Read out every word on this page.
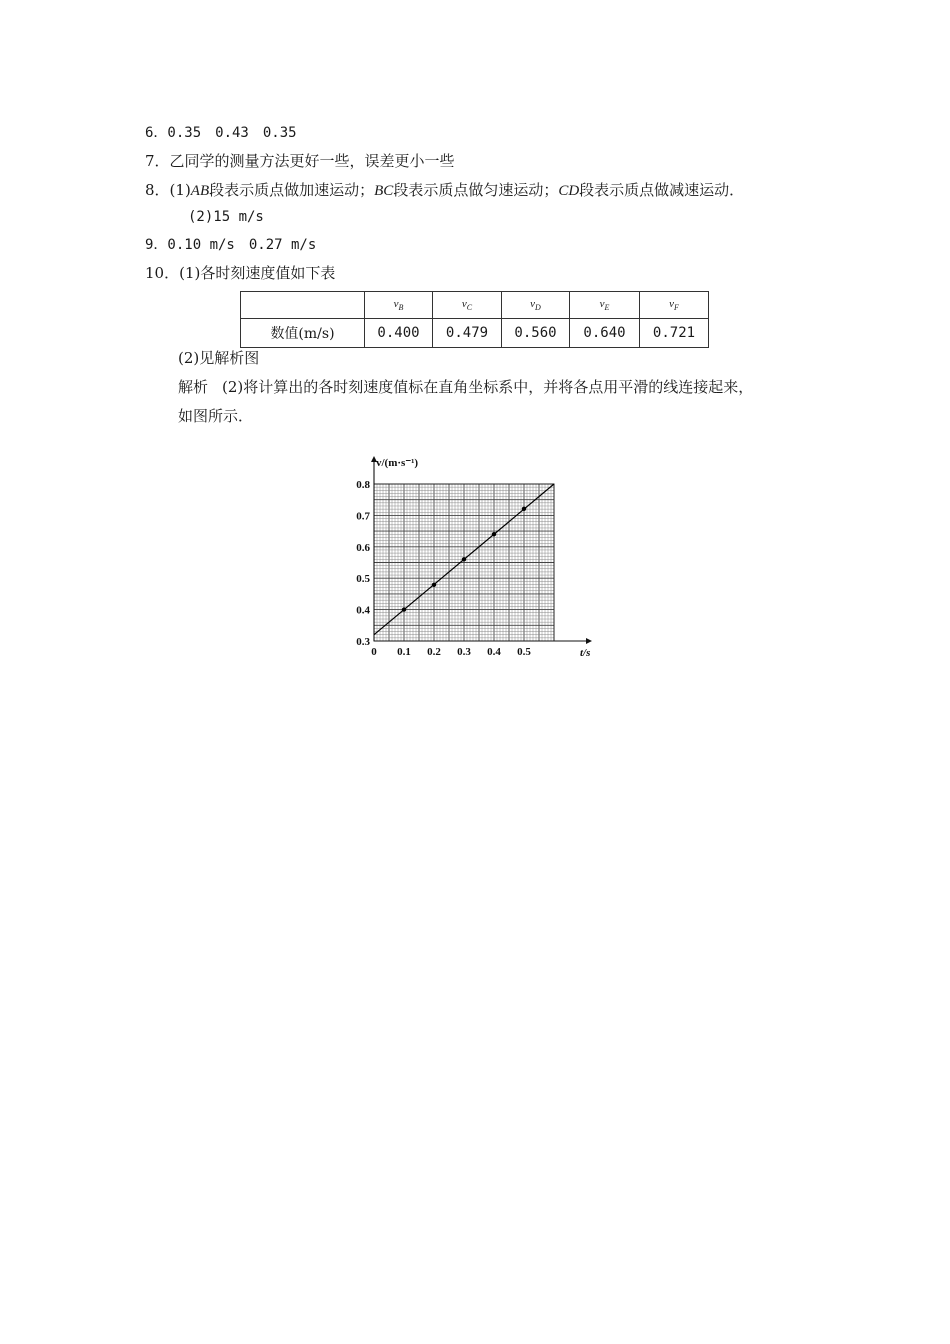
6．0.35　0.43　0.35
7．乙同学的测量方法更好一些，误差更小一些
8．(1)AB段表示质点做加速运动；BC段表示质点做匀速运动；CD段表示质点做减速运动．
(2)15 m/s
9．0.10 m/s　0.27 m/s
10．(1)各时刻速度值如下表
	$v_B$	$v_C$	$v_D$	$v_E$	$v_F$
数值(m/s)	0.400	0.479	0.560	0.640	0.721
(2)见解析图
解析 (2)将计算出的各时刻速度值标在直角坐标系中，并将各点用平滑的线连接起来，
如图所示．
0 0.1 0.2 0.3 0.4 0.5
0.3
0.4
0.5
0.6
0.7
0.8
t/s
v/(m·s⁻¹)
